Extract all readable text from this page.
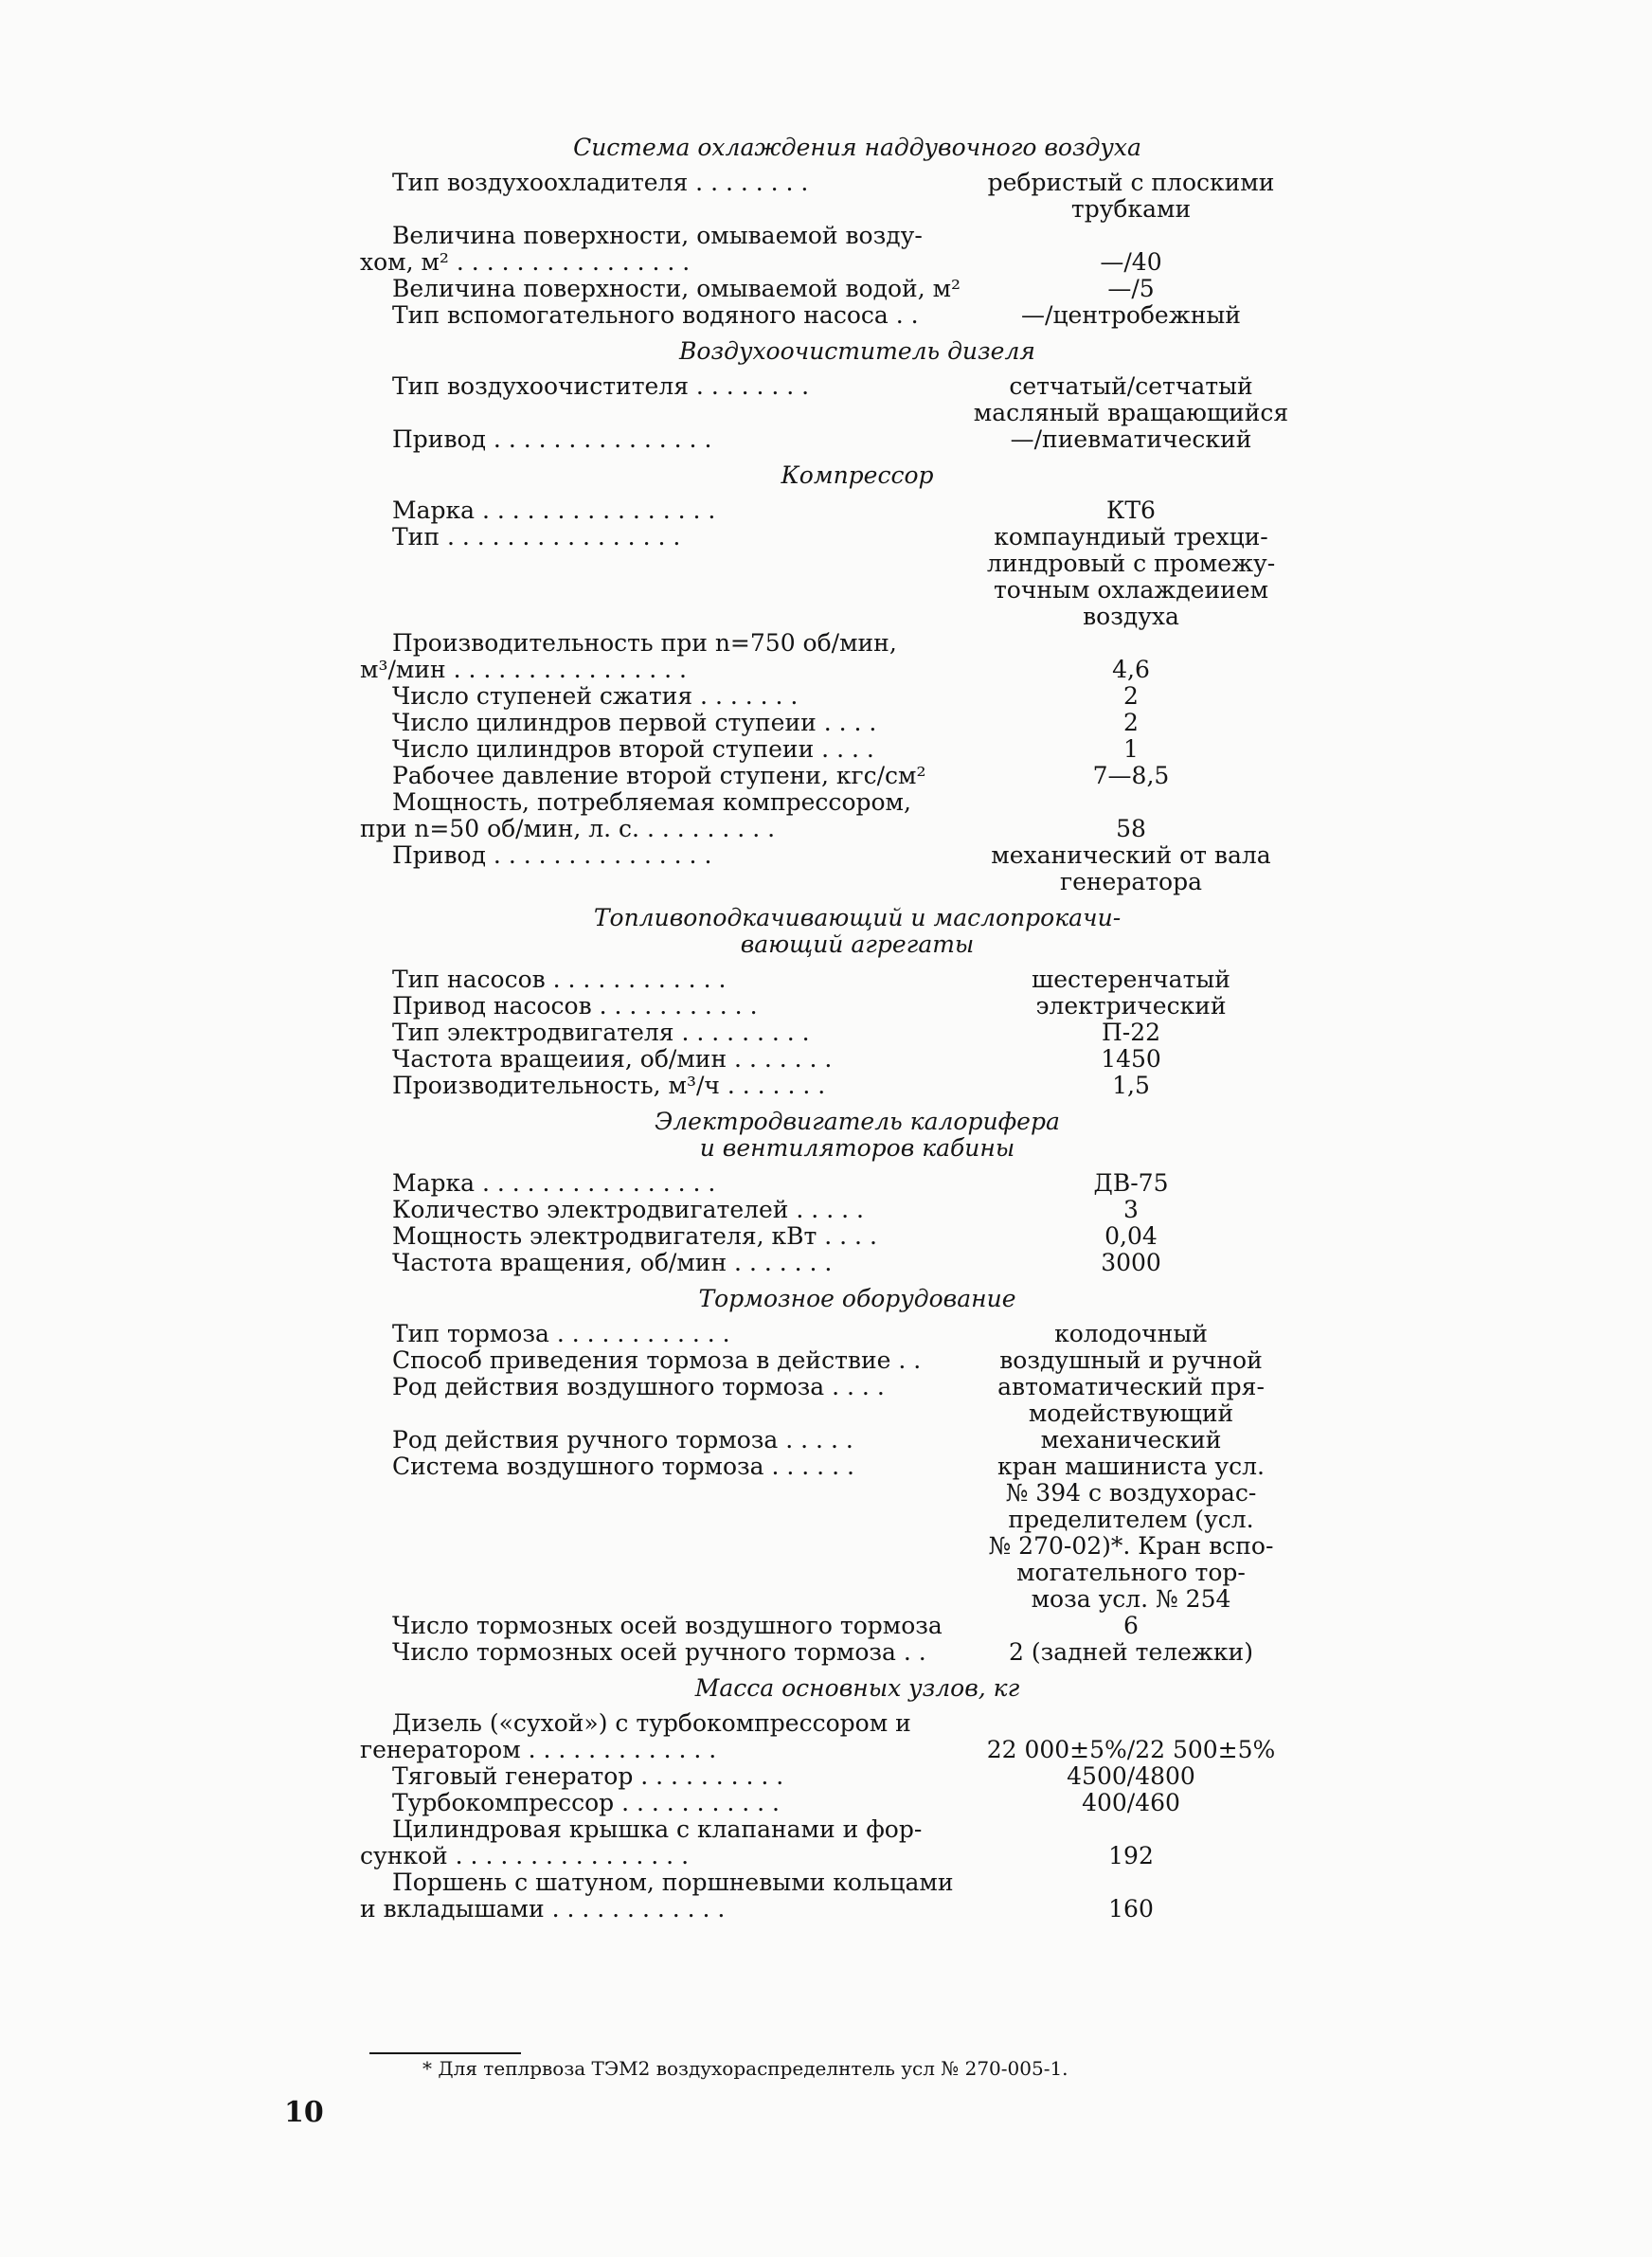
Система охлаждения наддувочного воздуха
Тип воздухоохладителя . . . . . . . .	ребристый с плоскими
трубками
Величина поверхности, омываемой возду-
хом, м² . . . . . . . . . . . . . . . .
	—/40
Величина поверхности, омываемой водой, м²	—/5
Тип вспомогательного водяного насоса . .	—/центробежный
Воздухоочиститель дизеля
Тип воздухоочистителя . . . . . . . .	сетчатый/сетчатый
масляный вращающийся
Привод . . . . . . . . . . . . . . .	—/пиевматический
Компрессор
Марка . . . . . . . . . . . . . . . .	КТ6
Тип . . . . . . . . . . . . . . . .	компаундиый трехци-
линдровый с промежу-
точным охлаждеиием
воздуха
Производительность при n=750 об/мин,
м³/мин . . . . . . . . . . . . . . . .
	4,6
Число ступеней сжатия . . . . . . .	2
Число цилиндров первой ступеии . . . .	2
Число цилиндров второй ступеии . . . .	1
Рабочее давление второй ступени, кгс/см²	7—8,5
Мощность, потребляемая компрессором,
при n=50 об/мин, л. с. . . . . . . . . .
	58
Привод . . . . . . . . . . . . . . .	механический от вала
генератора
Топливоподкачивающий и маслопрокачи-
вающий агрегаты
Тип насосов . . . . . . . . . . . .	шестеренчатый
Привод насосов . . . . . . . . . . .	электрический
Тип электродвигателя . . . . . . . . .	П-22
Частота вращеиия, об/мин . . . . . . .	1450
Производительность, м³/ч . . . . . . .	1,5
Электродвигатель калорифера
и вентиляторов кабины
Марка . . . . . . . . . . . . . . . .	ДВ-75
Количество электродвигателей . . . . .	3
Мощность электродвигателя, кВт . . . .	0,04
Частота вращения, об/мин . . . . . . .	3000
Тормозное оборудование
Тип тормоза . . . . . . . . . . . .	колодочный
Способ приведения тормоза в действие . .	воздушный и ручной
Род действия воздушного тормоза . . . .	автоматический пря-
модействующий
Род действия ручного тормоза . . . . .	механический
Система воздушного тормоза . . . . . .	кран машиниста усл.
№ 394 с воздухорас-
пределителем (усл.
№ 270-02)*. Кран вспо-
могательного тор-
моза усл. № 254
Число тормозных осей воздушного тормоза	6
Число тормозных осей ручного тормоза . .	2 (задней тележки)
Масса основных узлов, кг
Дизель («сухой») с турбокомпрессором и
генератором . . . . . . . . . . . . .
	22 000±5%/22 500±5%
Тяговый генератор . . . . . . . . . .	4500/4800
Турбокомпрессор . . . . . . . . . . .	400/460
Цилиндровая крышка с клапанами и фор-
сункой . . . . . . . . . . . . . . . .
	192
Поршень с шатуном, поршневыми кольцами
и вкладышами . . . . . . . . . . . .
	160
* Для теплрвоза ТЭМ2 воздухораспределнтель усл № 270-005-1.
10
